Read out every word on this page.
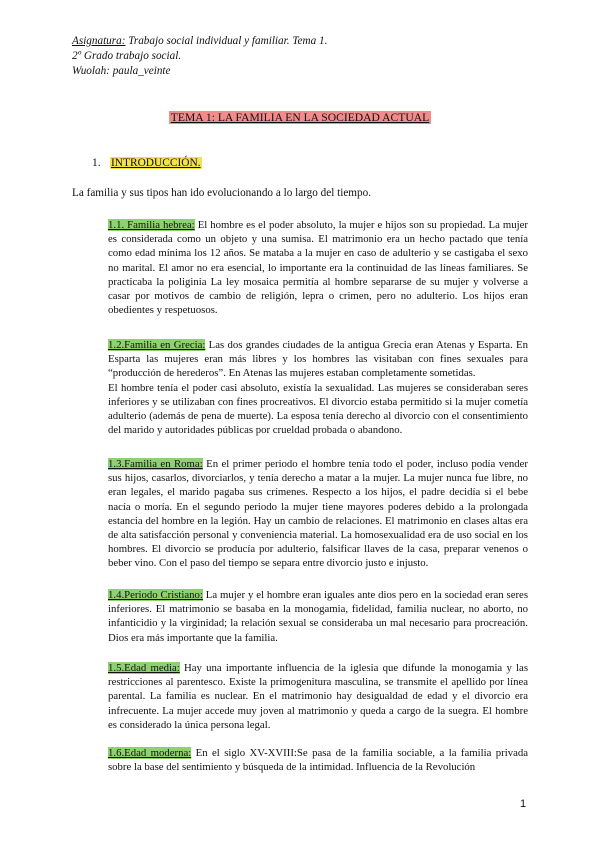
Asignatura: Trabajo social individual y familiar. Tema 1.
2º Grado trabajo social.
Wuolah: paula_veinte
TEMA 1: LA FAMILIA EN LA SOCIEDAD ACTUAL
1. INTRODUCCIÓN.
La familia y sus tipos han ido evolucionando a lo largo del tiempo.

1.1. Familia hebrea: El hombre es el poder absoluto, la mujer e hijos son su propiedad. La mujer es considerada como un objeto y una sumisa. El matrimonio era un hecho pactado que tenía como edad mínima los 12 años. Se mataba a la mujer en caso de adulterio y se castigaba el sexo no marital. El amor no era esencial, lo importante era la continuidad de las líneas familiares. Se practicaba la poliginia La ley mosaica permitía al hombre separarse de su mujer y volverse a casar por motivos de cambio de religión, lepra o crimen, pero no adulterio. Los hijos eran obedientes y respetuosos.

1.2.Familia en Grecia: Las dos grandes ciudades de la antigua Grecia eran Atenas y Esparta. En Esparta las mujeres eran más libres y los hombres las visitaban con fines sexuales para “producción de herederos”. En Atenas las mujeres estaban completamente sometidas.

El hombre tenía el poder casi absoluto, existía la sexualidad. Las mujeres se consideraban seres inferiores y se utilizaban con fines procreativos. El divorcio estaba permitido si la mujer cometía adulterio (además de pena de muerte). La esposa tenía derecho al divorcio con el consentimiento del marido y autoridades públicas por crueldad probada o abandono.

1.3.Familia en Roma: En el primer periodo el hombre tenía todo el poder, incluso podía vender sus hijos, casarlos, divorciarlos, y tenía derecho a matar a la mujer. La mujer nunca fue libre, no eran legales, el marido pagaba sus crímenes. Respecto a los hijos, el padre decidía si el bebe nacía o moría. En el segundo periodo la mujer tiene mayores poderes debido a la prolongada estancia del hombre en la legión. Hay un cambio de relaciones. El matrimonio en clases altas era de alta satisfacción personal y conveniencia material. La homosexualidad era de uso social en los hombres. El divorcio se producía por adulterio, falsificar llaves de la casa, preparar venenos o beber vino. Con el paso del tiempo se separa entre divorcio justo e injusto.

1.4.Periodo Cristiano: La mujer y el hombre eran iguales ante dios pero en la sociedad eran seres inferiores. El matrimonio se basaba en la monogamia, fidelidad, familia nuclear, no aborto, no infanticidio y la virginidad; la relación sexual se consideraba un mal necesario para procreación. Dios era más importante que la familia.

1.5.Edad media: Hay una importante influencia de la iglesia que difunde la monogamia y las restricciones al parentesco. Existe la primogenitura masculina, se transmite el apellido por línea parental. La familia es nuclear. En el matrimonio hay desigualdad de edad y el divorcio era infrecuente. La mujer accede muy joven al matrimonio y queda a cargo de la suegra. El hombre es considerado la única persona legal.

1.6.Edad moderna: En el siglo XV-XVIII:Se pasa de la familia sociable, a la familia privada sobre la base del sentimiento y búsqueda de la intimidad. Influencia de la Revolución

1
